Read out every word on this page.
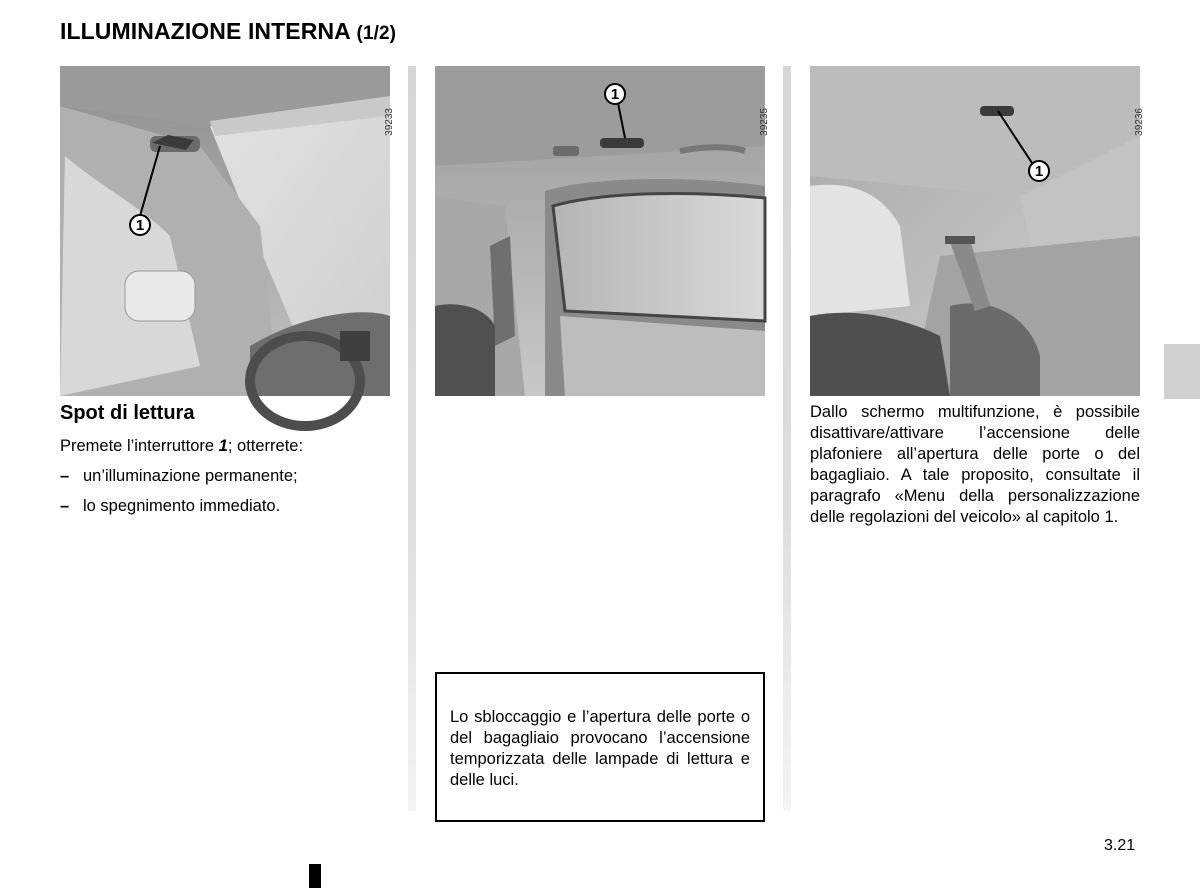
ILLUMINAZIONE INTERNA (1/2)
39233
1
39235
1
39236
1
Spot di lettura
Premete l’interruttore 1; otterrete:
– un’illuminazione permanente;
– lo spegnimento immediato.
Lo sbloccaggio e l’apertura delle porte o del bagagliaio provocano l’accensione temporizzata delle lampade di lettura e delle luci.
Dallo schermo multifunzione, è possibile disattivare/attivare l’accensione delle plafoniere all’apertura delle porte o del bagagliaio. A tale proposito, consultate il paragrafo «Menu della personalizzazione delle regolazioni del veicolo» al capitolo 1.
3.21
